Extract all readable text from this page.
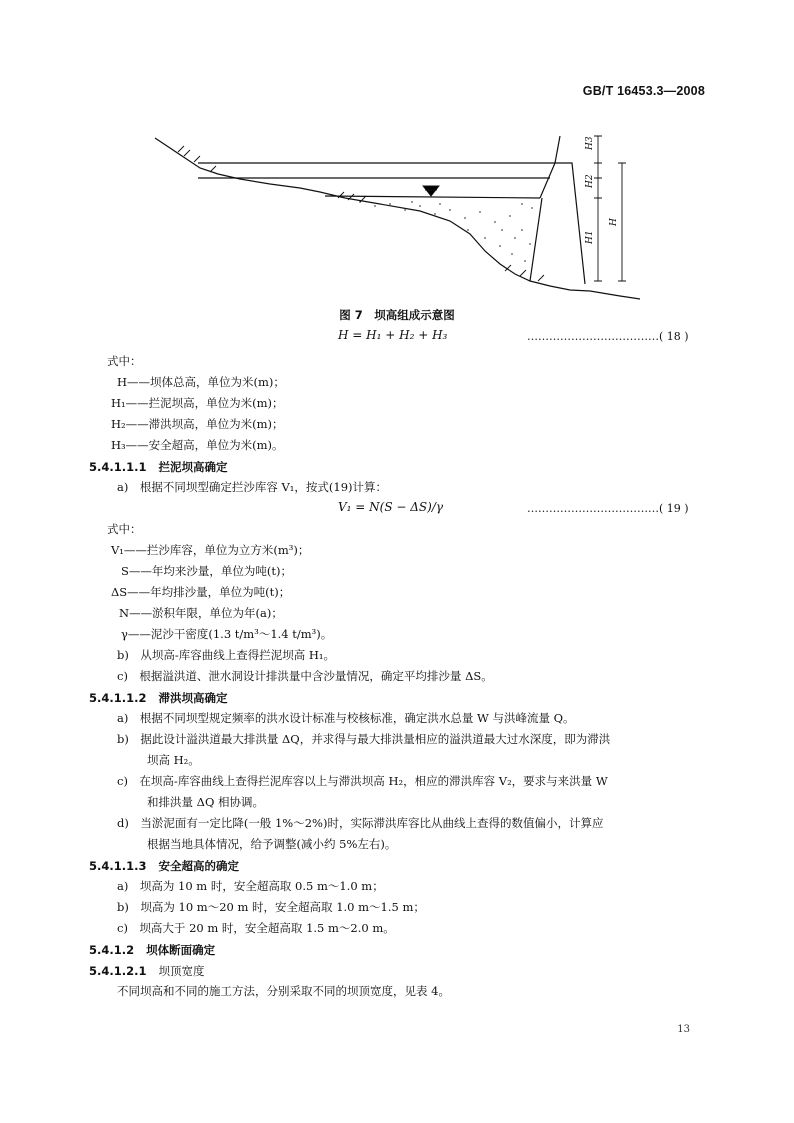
GB/T 16453.3—2008
H3
H2
H1
H
图 7　坝高组成示意图
H = H₁ + H₂ + H₃	………………………………( 18 )
式中：
H——坝体总高，单位为米(m)；
H₁——拦泥坝高，单位为米(m)；
H₂——滞洪坝高，单位为米(m)；
H₃——安全超高，单位为米(m)。
5.4.1.1.1 拦泥坝高确定
a)　根据不同坝型确定拦沙库容 V₁，按式(19)计算：
V₁ = N(S − ΔS)/γ	………………………………( 19 )
式中：
V₁——拦沙库容，单位为立方米(m³)；
S——年均来沙量，单位为吨(t)；
ΔS——年均排沙量，单位为吨(t)；
N——淤积年限，单位为年(a)；
γ——泥沙干密度(1.3 t/m³～1.4 t/m³)。
b)　从坝高-库容曲线上查得拦泥坝高 H₁。
c)　根据溢洪道、泄水洞设计排洪量中含沙量情况，确定平均排沙量 ΔS。
5.4.1.1.2 滞洪坝高确定
a)　根据不同坝型规定频率的洪水设计标准与校核标准，确定洪水总量 W 与洪峰流量 Q。
b)　据此设计溢洪道最大排洪量 ΔQ，并求得与最大排洪量相应的溢洪道最大过水深度，即为滞洪
坝高 H₂。
c)　在坝高-库容曲线上查得拦泥库容以上与滞洪坝高 H₂，相应的滞洪库容 V₂，要求与来洪量 W
和排洪量 ΔQ 相协调。
d)　当淤泥面有一定比降(一般 1%～2%)时，实际滞洪库容比从曲线上查得的数值偏小，计算应
根据当地具体情况，给予调整(减小约 5%左右)。
5.4.1.1.3 安全超高的确定
a)　坝高为 10 m 时，安全超高取 0.5 m～1.0 m；
b)　坝高为 10 m～20 m 时，安全超高取 1.0 m～1.5 m；
c)　坝高大于 20 m 时，安全超高取 1.5 m～2.0 m。
5.4.1.2 坝体断面确定
5.4.1.2.1 坝顶宽度
不同坝高和不同的施工方法，分别采取不同的坝顶宽度，见表 4。
13
